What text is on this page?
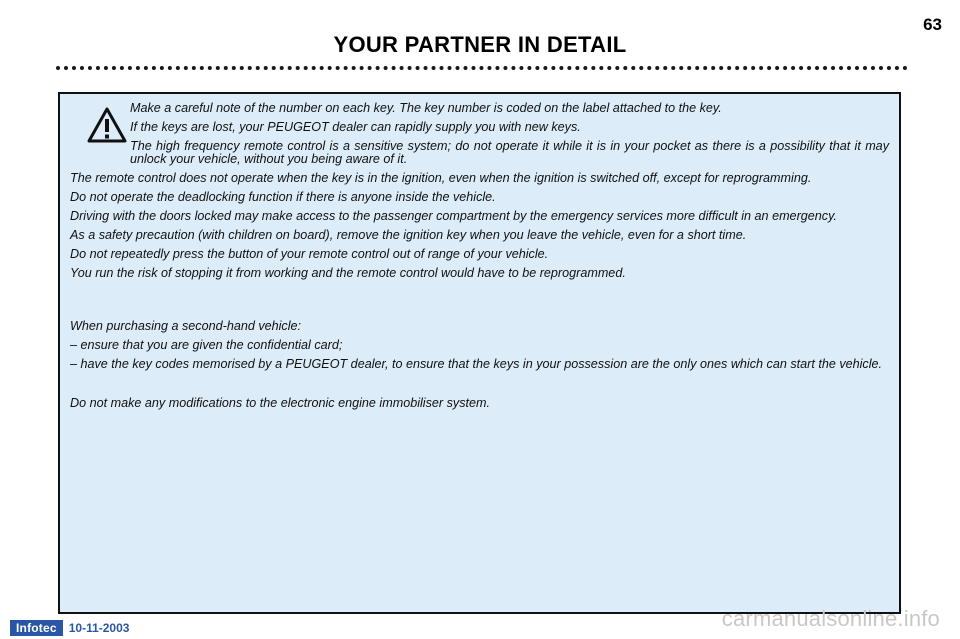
YOUR PARTNER IN DETAIL
63

Make a careful note of the number on each key. The key number is coded on the label attached to the key.

If the keys are lost, your PEUGEOT dealer can rapidly supply you with new keys.

The high frequency remote control is a sensitive system; do not operate it while it is in your pocket as there is a possibility that it may unlock your vehicle, without you being aware of it.

The remote control does not operate when the key is in the ignition, even when the ignition is switched off, except for reprogramming.

Do not operate the deadlocking function if there is anyone inside the vehicle.

Driving with the doors locked may make access to the passenger compartment by the emergency services more difficult in an emergency.

As a safety precaution (with children on board), remove the ignition key when you leave the vehicle, even for a short time.

Do not repeatedly press the button of your remote control out of range of your vehicle.

You run the risk of stopping it from working and the remote control would have to be reprogrammed.

When purchasing a second-hand vehicle:

– ensure that you are given the confidential card;

– have the key codes memorised by a PEUGEOT dealer, to ensure that the keys in your possession are the only ones which can start the vehicle.

Do not make any modifications to the electronic engine immobiliser system.

Infotec	10-11-2003	carmanualsonline.info
